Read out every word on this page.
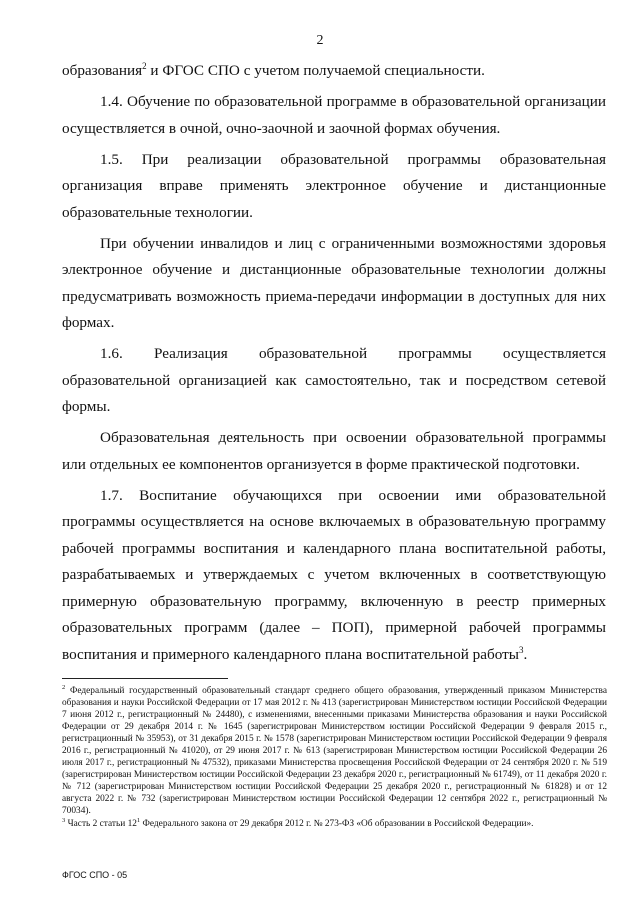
2

образования$^2$ и ФГОС СПО с учетом получаемой специальности.

1.4. Обучение по образовательной программе в образовательной организации осуществляется в очной, очно-заочной и заочной формах обучения.

1.5. При реализации образовательной программы образовательная организация вправе применять электронное обучение и дистанционные образовательные технологии.

При обучении инвалидов и лиц с ограниченными возможностями здоровья электронное обучение и дистанционные образовательные технологии должны предусматривать возможность приема-передачи информации в доступных для них формах.

1.6. Реализация образовательной программы осуществляется образовательной организацией как самостоятельно, так и посредством сетевой формы.

Образовательная деятельность при освоении образовательной программы или отдельных ее компонентов организуется в форме практической подготовки.

1.7. Воспитание обучающихся при освоении ими образовательной программы осуществляется на основе включаемых в образовательную программу рабочей программы воспитания и календарного плана воспитательной работы, разрабатываемых и утверждаемых с учетом включенных в соответствующую примерную образовательную программу, включенную в реестр примерных образовательных программ (далее – ПОП), примерной рабочей программы воспитания и примерного календарного плана воспитательной работы$^3$.

$^2$ Федеральный государственный образовательный стандарт среднего общего образования, утвержденный приказом Министерства образования и науки Российской Федерации от 17 мая 2012 г. № 413 (зарегистрирован Министерством юстиции Российской Федерации 7 июня 2012 г., регистрационный № 24480), с изменениями, внесенными приказами Министерства образования и науки Российской Федерации от 29 декабря 2014 г. № 1645 (зарегистрирован Министерством юстиции Российской Федерации 9 февраля 2015 г., регистрационный № 35953), от 31 декабря 2015 г. № 1578 (зарегистрирован Министерством юстиции Российской Федерации 9 февраля 2016 г., регистрационный № 41020), от 29 июня 2017 г. № 613 (зарегистрирован Министерством юстиции Российской Федерации 26 июля 2017 г., регистрационный № 47532), приказами Министерства просвещения Российской Федерации от 24 сентября 2020 г. № 519 (зарегистрирован Министерством юстиции Российской Федерации 23 декабря 2020 г., регистрационный № 61749), от 11 декабря 2020 г. № 712 (зарегистрирован Министерством юстиции Российской Федерации 25 декабря 2020 г., регистрационный № 61828) и от 12 августа 2022 г. № 732 (зарегистрирован Министерством юстиции Российской Федерации 12 сентября 2022 г., регистрационный № 70034).

$^3$ Часть 2 статьи $12^1$ Федерального закона от 29 декабря 2012 г. № 273-ФЗ «Об образовании в Российской Федерации».

ФГОС СПО - 05
